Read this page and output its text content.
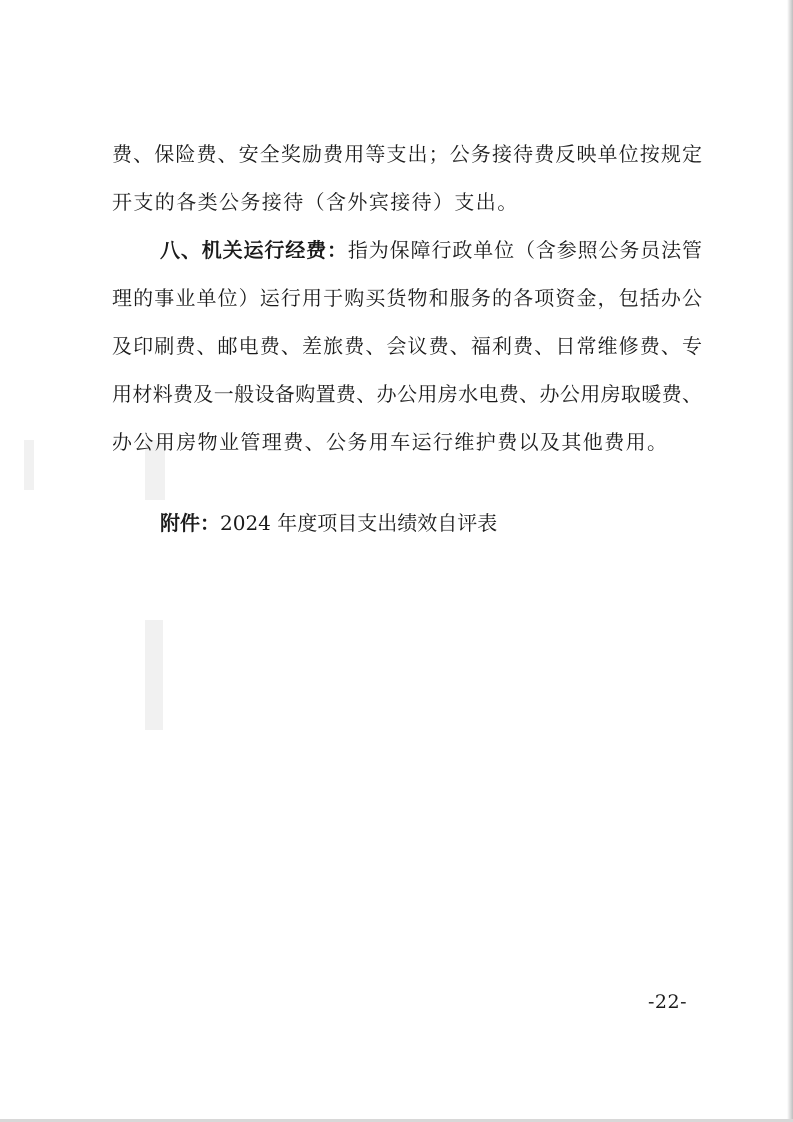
费、保险费、安全奖励费用等支出；公务接待费反映单位按规定
开支的各类公务接待（含外宾接待）支出。
八、机关运行经费：指为保障行政单位（含参照公务员法管
理的事业单位）运行用于购买货物和服务的各项资金，包括办公
及印刷费、邮电费、差旅费、会议费、福利费、日常维修费、专
用材料费及一般设备购置费、办公用房水电费、办公用房取暖费、
办公用房物业管理费、公务用车运行维护费以及其他费用。
附件：2024 年度项目支出绩效自评表
-22-
